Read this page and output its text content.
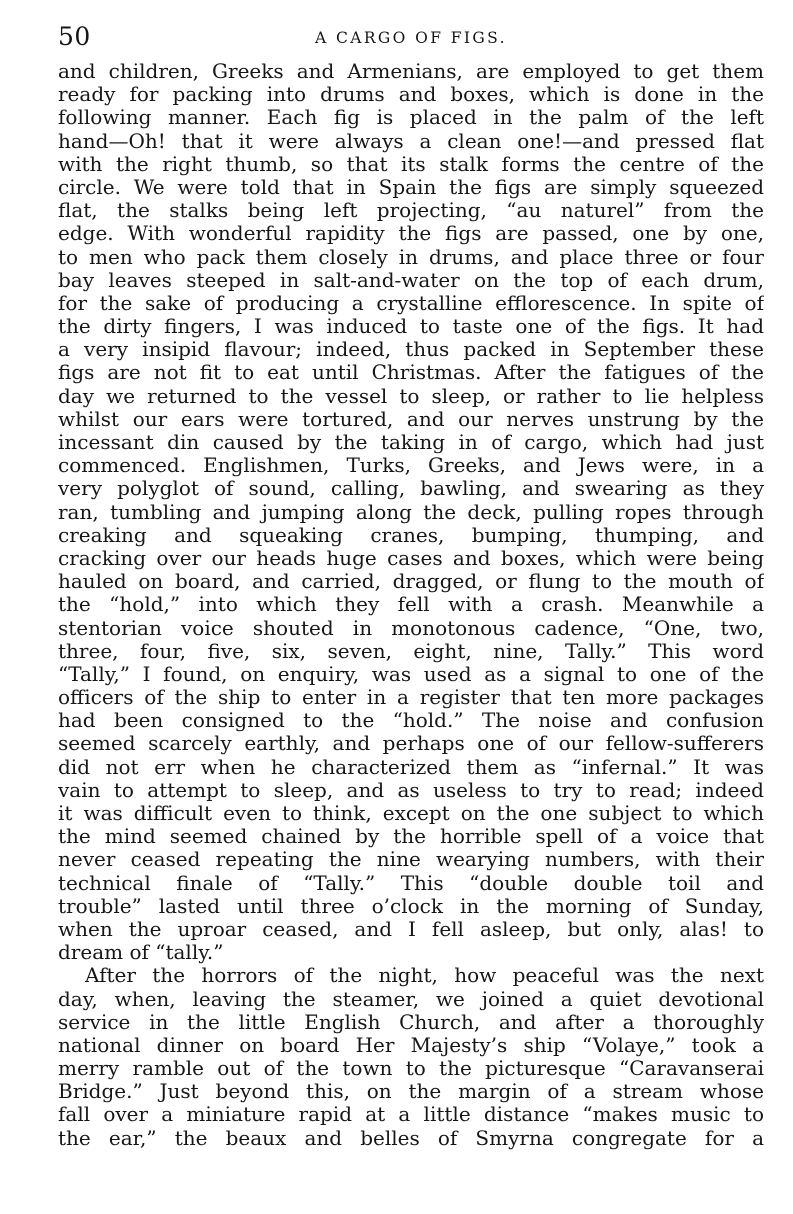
50	A CARGO OF FIGS.
and children, Greeks and Armenians, are employed to get them
ready for packing into drums and boxes, which is done in the
following manner. Each fig is placed in the palm of the left
hand—Oh! that it were always a clean one!—and pressed flat
with the right thumb, so that its stalk forms the centre of the
circle. We were told that in Spain the figs are simply squeezed
flat, the stalks being left projecting, “au naturel” from the
edge. With wonderful rapidity the figs are passed, one by one,
to men who pack them closely in drums, and place three or four
bay leaves steeped in salt-and-water on the top of each drum,
for the sake of producing a crystalline efflorescence. In spite of
the dirty fingers, I was induced to taste one of the figs. It had
a very insipid flavour; indeed, thus packed in September these
figs are not fit to eat until Christmas. After the fatigues of the
day we returned to the vessel to sleep, or rather to lie helpless
whilst our ears were tortured, and our nerves unstrung by the
incessant din caused by the taking in of cargo, which had just
commenced. Englishmen, Turks, Greeks, and Jews were, in a
very polyglot of sound, calling, bawling, and swearing as they
ran, tumbling and jumping along the deck, pulling ropes through
creaking and squeaking cranes, bumping, thumping, and
cracking over our heads huge cases and boxes, which were being
hauled on board, and carried, dragged, or flung to the mouth of
the “hold,” into which they fell with a crash. Meanwhile a
stentorian voice shouted in monotonous cadence, “One, two,
three, four, five, six, seven, eight, nine, Tally.” This word
“Tally,” I found, on enquiry, was used as a signal to one of the
officers of the ship to enter in a register that ten more packages
had been consigned to the “hold.” The noise and confusion
seemed scarcely earthly, and perhaps one of our fellow-sufferers
did not err when he characterized them as “infernal.” It was
vain to attempt to sleep, and as useless to try to read; indeed
it was difficult even to think, except on the one subject to which
the mind seemed chained by the horrible spell of a voice that
never ceased repeating the nine wearying numbers, with their
technical finale of “Tally.” This “double double toil and
trouble” lasted until three o’clock in the morning of Sunday,
when the uproar ceased, and I fell asleep, but only, alas! to
dream of “tally.”
After the horrors of the night, how peaceful was the next
day, when, leaving the steamer, we joined a quiet devotional
service in the little English Church, and after a thoroughly
national dinner on board Her Majesty’s ship “Volaye,” took a
merry ramble out of the town to the picturesque “Caravanserai
Bridge.” Just beyond this, on the margin of a stream whose
fall over a miniature rapid at a little distance “makes music to
the ear,” the beaux and belles of Smyrna congregate for a
